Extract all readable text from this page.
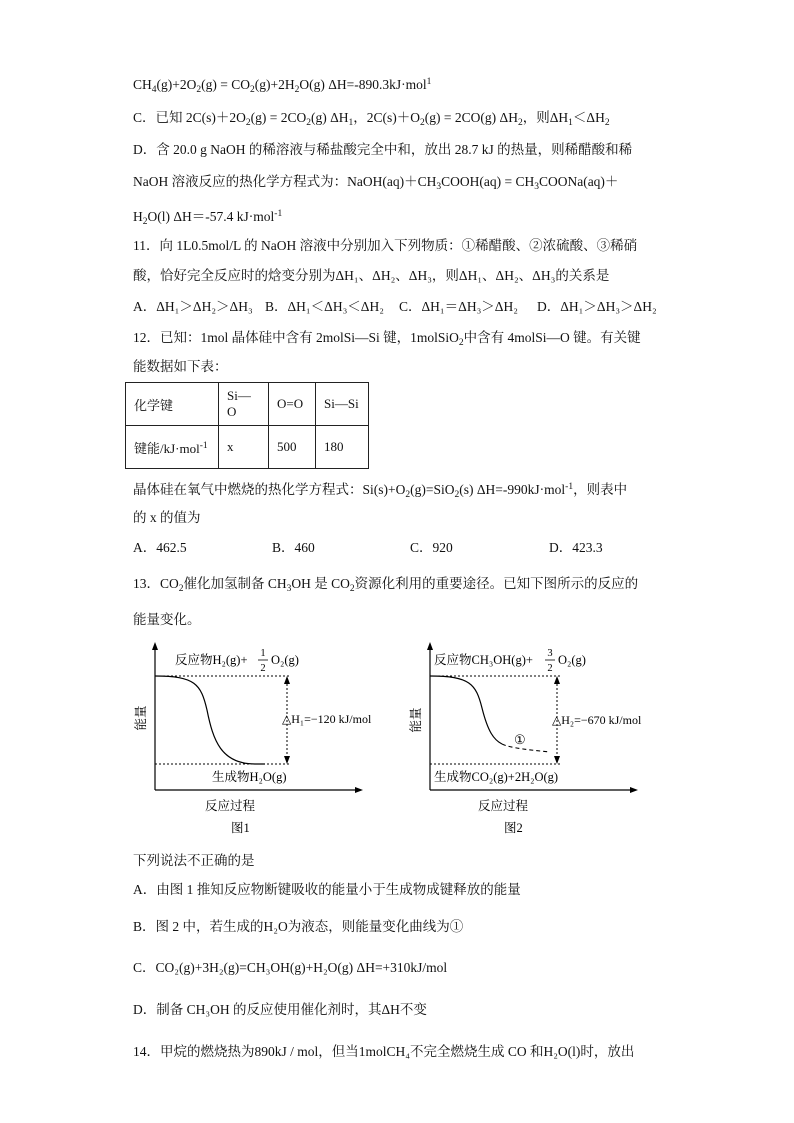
$CH_4(g)+2O_2(g) = CO_2(g)+2H_2O(g)$ ΔH=-890.3kJ·mol$^1$
C．已知 $2C(s)+2O_2(g) = 2CO_2(g)$ $\Delta H_1$，$2C(s)+O_2(g) = 2CO(g)$ $\Delta H_2$，则$\Delta H_1<\Delta H_2$
D．含 20.0 g NaOH 的稀溶液与稀盐酸完全中和，放出 28.7 kJ 的热量，则稀醋酸和稀
NaOH 溶液反应的热化学方程式为：$NaOH(aq)+CH_3COOH(aq)$ = $CH_3COONa(aq)+$
$H_2O(l)$ ΔH＝-57.4 kJ·mol$^{-1}$
11．向 1L0.5mol/L 的 NaOH 溶液中分别加入下列物质：①稀醋酸、②浓硫酸、③稀硝
酸，恰好完全反应时的焓变分别为ΔH₁、ΔH₂、ΔH₃，则ΔH₁、ΔH₂、ΔH₃的关系是
A．ΔH₁＞ΔH₂＞ΔH₃ B．ΔH₁＜ΔH₃＜ΔH₂ C．ΔH₁＝ΔH₃＞ΔH₂ D．ΔH₁＞ΔH₃＞ΔH₂
12．已知：1mol 晶体硅中含有 2molSi—Si 键，1molSiO$_2$中含有 4molSi—O 键。有关键
能数据如下表：
化学键	Si—O	O=O	Si—Si
键能/kJ·mol$^{-1}$	x	500	180
晶体硅在氧气中燃烧的热化学方程式：$Si(s)+O_2(g)=SiO_2(s)$ ΔH=-990kJ·mol$^{-1}$，则表中
的 x 的值为
A．462.5	B．460	C．920	D．423.3
13．$CO_2$催化加氢制备 $CH_3OH$ 是 $CO_2$资源化利用的重要途径。已知下图所示的反应的
能量变化。
反应物H₂(g)+ 1
2
O₂(g)
生成物H₂O(g)
△H₁=−120 kJ/mol
能量
反应过程
图1
①
反应物CH₃OH(g)+ 3
2
O₂(g)
生成物CO₂(g)+2H₂O(g)
△H₂=−670 kJ/mol
能量
反应过程
图2
下列说法不正确的是
A．由图 1 推知反应物断键吸收的能量小于生成物成键释放的能量
B．图 2 中，若生成的H₂O为液态，则能量变化曲线为①
C．CO₂(g)+3H₂(g)=CH₃OH(g)+H₂O(g) ΔH=+310kJ/mol
D．制备 CH₃OH 的反应使用催化剂时，其ΔH不变
14．甲烷的燃烧热为890kJ / mol，但当1molCH₄不完全燃烧生成 CO 和H₂O(l)时，放出
